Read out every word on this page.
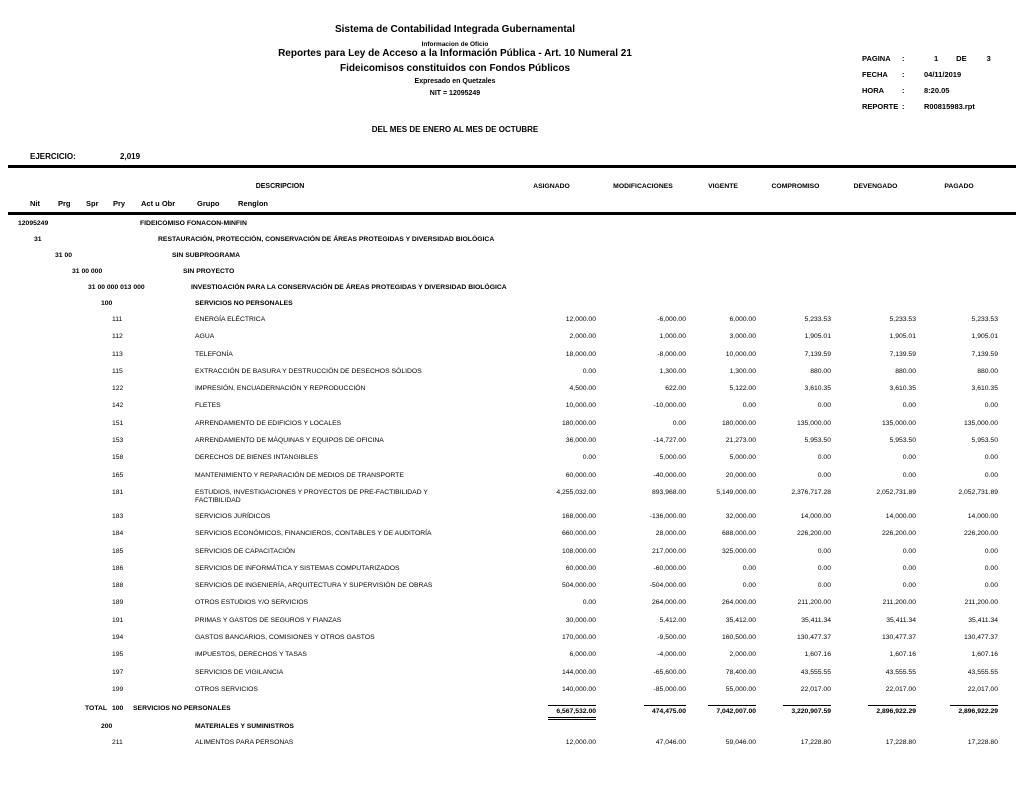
Sistema de Contabilidad Integrada Gubernamental
Informacion de Oficio
Reportes para Ley de Acceso a la Información Pública - Art. 10 Numeral 21
Fideicomisos constituidos con Fondos Públicos
Expresado en Quetzales
NIT = 12095249
DEL MES DE ENERO AL MES DE OCTUBRE
PAGINA	:	1	DE	3
FECHA	:	04/11/2019
HORA	:	8:20.05
REPORTE :	R00815983.rpt
EJERCICIO:	2,019
DESCRIPCION	ASIGNADO	MODIFICACIONES	VIGENTE	COMPROMISO	DEVENGADO	PAGADO
Nit Prg Spr Pry Act u Obr	Grupo Renglon
12095249	FIDEICOMISO FONACON-MINFIN
31	RESTAURACIÓN, PROTECCIÓN, CONSERVACIÓN DE ÁREAS PROTEGIDAS Y DIVERSIDAD BIOLÓGICA
31 00	SIN SUBPROGRAMA
31 00 000	SIN PROYECTO
31 00 000 013 000	INVESTIGACIÓN PARA LA CONSERVACIÓN DE ÁREAS PROTEGIDAS Y DIVERSIDAD BIOLÓGICA
100	SERVICIOS NO PERSONALES
111	ENERGÍA ELÉCTRICA	12,000.00	-6,000.00	6,000.00	5,233.53	5,233.53	5,233.53
112	AGUA	2,000.00	1,000.00	3,000.00	1,905.01	1,905.01	1,905.01
113	TELEFONÍA	18,000.00	-8,000.00	10,000.00	7,139.59	7,139.59	7,139.59
115	EXTRACCIÓN DE BASURA Y DESTRUCCIÓN DE DESECHOS SÓLIDOS	0.00	1,300.00	1,300.00	880.00	880.00	880.00
122	IMPRESIÓN, ENCUADERNACIÓN Y REPRODUCCIÓN	4,500.00	622.00	5,122.00	3,610.35	3,610.35	3,610.35
142	FLETES	10,000.00	-10,000.00	0.00	0.00	0.00	0.00
151	ARRENDAMIENTO DE EDIFICIOS Y LOCALES	180,000.00	0.00	180,000.00	135,000.00	135,000.00	135,000.00
153	ARRENDAMIENTO DE MÁQUINAS Y EQUIPOS DE OFICINA	36,000.00	-14,727.00	21,273.00	5,953.50	5,953.50	5,953.50
158	DERECHOS DE BIENES INTANGIBLES	0.00	5,000.00	5,000.00	0.00	0.00	0.00
165	MANTENIMIENTO Y REPARACIÓN DE MEDIOS DE TRANSPORTE	60,000.00	-40,000.00	20,000.00	0.00	0.00	0.00
181	ESTUDIOS, INVESTIGACIONES Y PROYECTOS DE PRE-FACTIBILIDAD Y FACTIBILIDAD
4,255,032.00	893,968.00	5,149,000.00	2,376,717.28	2,052,731.89	2,052,731.89
183	SERVICIOS JURÍDICOS	168,000.00	-136,000.00	32,000.00	14,000.00	14,000.00	14,000.00
184	SERVICIOS ECONÓMICOS, FINANCIEROS, CONTABLES Y DE AUDITORÍA	660,000.00	28,000.00	688,000.00	226,200.00	226,200.00	226,200.00
185	SERVICIOS DE CAPACITACIÓN	108,000.00	217,000.00	325,000.00	0.00	0.00	0.00
186	SERVICIOS DE INFORMÁTICA Y SISTEMAS COMPUTARIZADOS	60,000.00	-60,000.00	0.00	0.00	0.00	0.00
188	SERVICIOS DE INGENIERÍA, ARQUITECTURA Y SUPERVISIÓN DE OBRAS	504,000.00	-504,000.00	0.00	0.00	0.00	0.00
189	OTROS ESTUDIOS Y/O SERVICIOS	0.00	264,000.00	264,000.00	211,200.00	211,200.00	211,200.00
191	PRIMAS Y GASTOS DE SEGUROS Y FIANZAS	30,000.00	5,412.00	35,412.00	35,411.34	35,411.34	35,411.34
194	GASTOS BANCARIOS, COMISIONES Y OTROS GASTOS	170,000.00	-9,500.00	160,500.00	130,477.37	130,477.37	130,477.37
195	IMPUESTOS, DERECHOS Y TASAS	6,000.00	-4,000.00	2,000.00	1,607.16	1,607.16	1,607.16
197	SERVICIOS DE VIGILANCIA	144,000.00	-65,600.00	78,400.00	43,555.55	43,555.55	43,555.55
199	OTROS SERVICIOS	140,000.00	-85,000.00	55,000.00	22,017.00	22,017.00	22,017.00
TOTAL 100 SERVICIOS NO PERSONALES	6,567,532.00	474,475.00	7,042,007.00	3,220,907.59	2,896,922.29	2,896,922.29
200	MATERIALES Y SUMINISTROS
211	ALIMENTOS PARA PERSONAS	12,000.00	47,046.00	59,046.00	17,228.80	17,228.80	17,228.80
